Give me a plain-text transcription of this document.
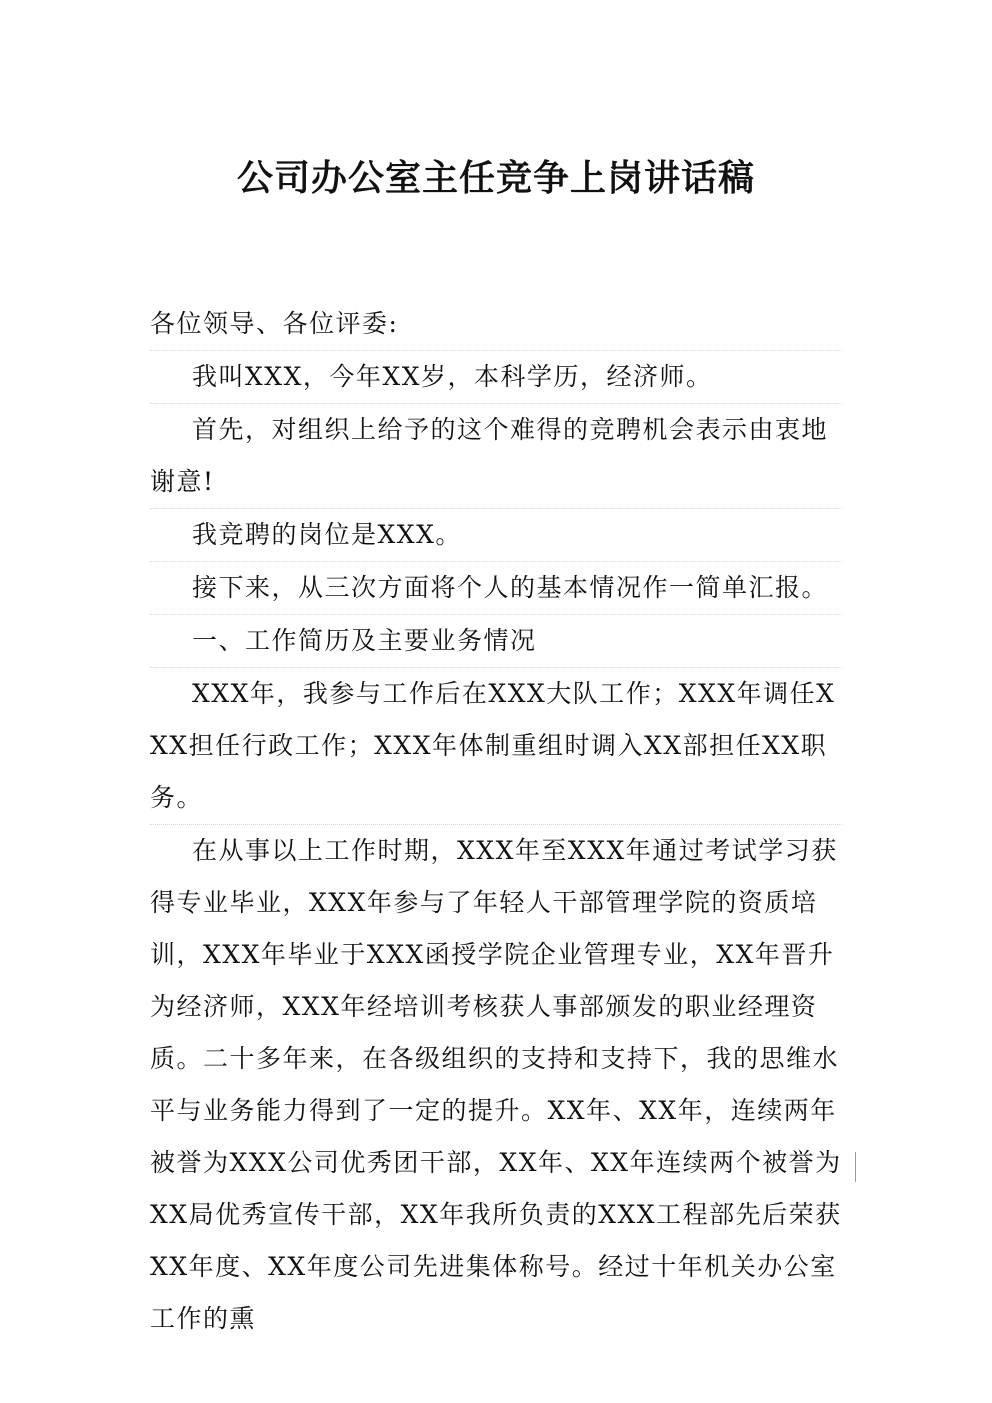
公司办公室主任竞争上岗讲话稿

各位领导、各位评委:

我叫XXX，今年XX岁，本科学历，经济师。

首先，对组织上给予的这个难得的竞聘机会表示由衷地谢意!

我竞聘的岗位是XXX。

接下来，从三次方面将个人的基本情况作一简单汇报。

一、工作简历及主要业务情况

XXX年，我参与工作后在XXX大队工作；XXX年调任XXX担任行政工作；XXX年体制重组时调入XX部担任XX职务。

在从事以上工作时期，XXX年至XXX年通过考试学习获得专业毕业，XXX年参与了年轻人干部管理学院的资质培训，XXX年毕业于XXX函授学院企业管理专业，XX年晋升为经济师，XXX年经培训考核获人事部颁发的职业经理资质。二十多年来，在各级组织的支持和支持下，我的思维水平与业务能力得到了一定的提升。XX年、XX年，连续两年被誉为XXX公司优秀团干部，XX年、XX年连续两个被誉为XX局优秀宣传干部，XX年我所负责的XXX工程部先后荣获XX年度、XX年度公司先进集体称号。经过十年机关办公室工作的熏
